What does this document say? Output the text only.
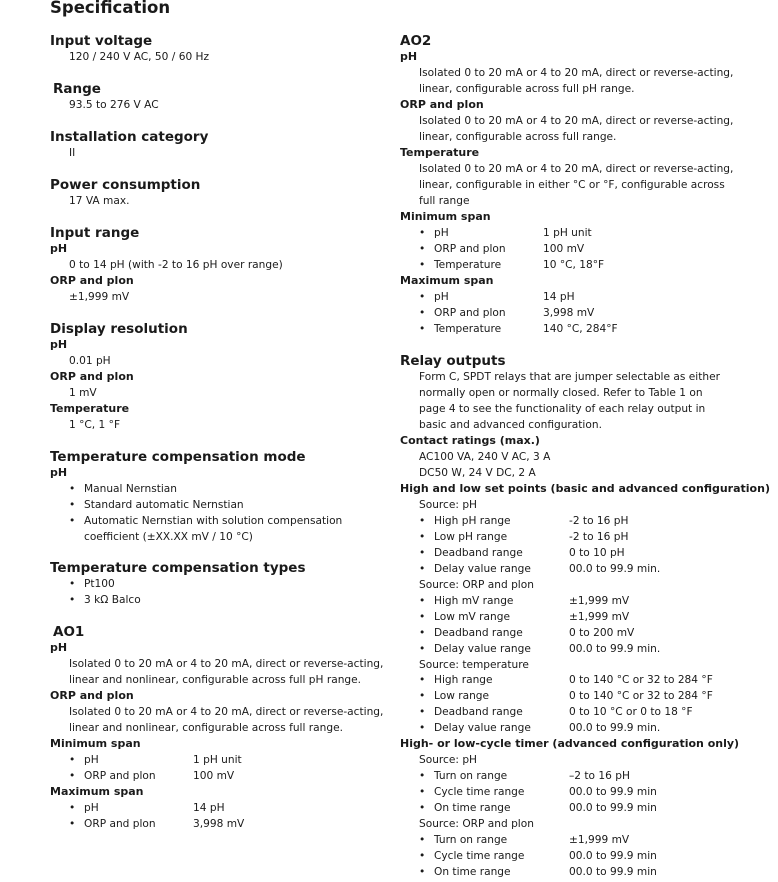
Specification
Input voltage
120 / 240 V AC, 50 / 60 Hz
Range
93.5 to 276 V AC
Installation category
II
Power consumption
17 VA max.
Input range
pH
0 to 14 pH (with -2 to 16 pH over range)
ORP and plon
±1,999 mV
Display resolution
pH
0.01 pH
ORP and plon
1 mV
Temperature
1 °C, 1 °F
Temperature compensation mode
pH
• Manual Nernstian
• Standard automatic Nernstian
• Automatic Nernstian with solution compensation
coefficient (±XX.XX mV / 10 °C)
Temperature compensation types
• Pt100
• 3 kΩ Balco
AO1
pH
Isolated 0 to 20 mA or 4 to 20 mA, direct or reverse-acting,
linear and nonlinear, configurable across full pH range.
ORP and plon
Isolated 0 to 20 mA or 4 to 20 mA, direct or reverse-acting,
linear and nonlinear, configurable across full range.
Minimum span
• pH	1 pH unit
• ORP and plon	100 mV
Maximum span
• pH	14 pH
• ORP and plon	3,998 mV
AO2
pH
Isolated 0 to 20 mA or 4 to 20 mA, direct or reverse-acting,
linear, configurable across full pH range.
ORP and plon
Isolated 0 to 20 mA or 4 to 20 mA, direct or reverse-acting,
linear, configurable across full range.
Temperature
Isolated 0 to 20 mA or 4 to 20 mA, direct or reverse-acting,
linear, configurable in either °C or °F, configurable across
full range
Minimum span
• pH	1 pH unit
• ORP and plon	100 mV
• Temperature	10 °C, 18°F
Maximum span
• pH	14 pH
• ORP and plon	3,998 mV
• Temperature	140 °C, 284°F
Relay outputs
Form C, SPDT relays that are jumper selectable as either
normally open or normally closed. Refer to Table 1 on
page 4 to see the functionality of each relay output in
basic and advanced configuration.
Contact ratings (max.)
AC100 VA, 240 V AC, 3 A
DC50 W, 24 V DC, 2 A
High and low set points (basic and advanced configuration)
Source: pH
• High pH range	-2 to 16 pH
• Low pH range	-2 to 16 pH
• Deadband range	0 to 10 pH
• Delay value range	00.0 to 99.9 min.
Source: ORP and plon
• High mV range	±1,999 mV
• Low mV range	±1,999 mV
• Deadband range	0 to 200 mV
• Delay value range	00.0 to 99.9 min.
Source: temperature
• High range	0 to 140 °C or 32 to 284 °F
• Low range	0 to 140 °C or 32 to 284 °F
• Deadband range	0 to 10 °C or 0 to 18 °F
• Delay value range	00.0 to 99.9 min.
High- or low-cycle timer (advanced configuration only)
Source: pH
• Turn on range	–2 to 16 pH
• Cycle time range	00.0 to 99.9 min
• On time range	00.0 to 99.9 min
Source: ORP and plon
• Turn on range	±1,999 mV
• Cycle time range	00.0 to 99.9 min
• On time range	00.0 to 99.9 min
